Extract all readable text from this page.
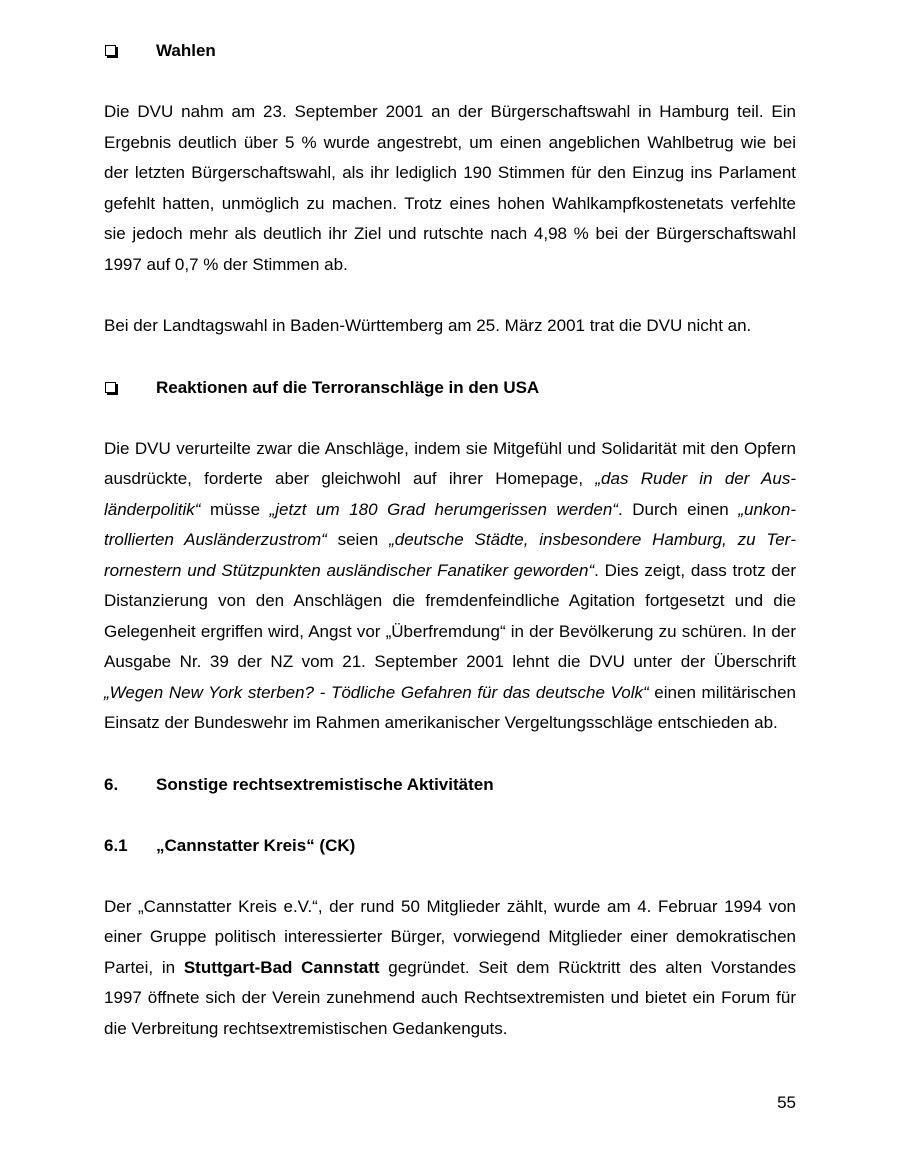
Wahlen

Die DVU nahm am 23. September 2001 an der Bürgerschaftswahl in Hamburg teil. Ein Ergebnis deutlich über 5 % wurde angestrebt, um einen angeblichen Wahlbetrug wie bei der letzten Bürgerschaftswahl, als ihr lediglich 190 Stimmen für den Einzug ins Parlament gefehlt hatten, unmöglich zu machen. Trotz eines hohen Wahlkampfkostenetats verfehlte sie jedoch mehr als deutlich ihr Ziel und rutschte nach 4,98 % bei der Bürgerschaftswahl 1997 auf 0,7 % der Stimmen ab.

Bei der Landtagswahl in Baden-Württemberg am 25. März 2001 trat die DVU nicht an.

Reaktionen auf die Terroranschläge in den USA

Die DVU verurteilte zwar die Anschläge, indem sie Mitgefühl und Solidarität mit den Opfern ausdrückte, forderte aber gleichwohl auf ihrer Homepage, „das Ruder in der Ausländerpolitik“ müsse „jetzt um 180 Grad herumgerissen werden“. Durch einen „unkontrollierten Ausländerzustrom“ seien „deutsche Städte, insbesondere Hamburg, zu Terrornestern und Stützpunkten ausländischer Fanatiker geworden“. Dies zeigt, dass trotz der Distanzierung von den Anschlägen die fremdenfeindliche Agitation fortgesetzt und die Gelegenheit ergriffen wird, Angst vor „Überfremdung“ in der Bevölkerung zu schüren. In der Ausgabe Nr. 39 der NZ vom 21. September 2001 lehnt die DVU unter der Überschrift „Wegen New York sterben? - Tödliche Gefahren für das deutsche Volk“ einen militärischen Einsatz der Bundeswehr im Rahmen amerikanischer Vergeltungsschläge entschieden ab.

6. Sonstige rechtsextremistische Aktivitäten
6.1 „Cannstatter Kreis“ (CK)

Der „Cannstatter Kreis e.V.“, der rund 50 Mitglieder zählt, wurde am 4. Februar 1994 von einer Gruppe politisch interessierter Bürger, vorwiegend Mitglieder einer demokratischen Partei, in Stuttgart-Bad Cannstatt gegründet. Seit dem Rücktritt des alten Vorstandes 1997 öffnete sich der Verein zunehmend auch Rechtsextremisten und bietet ein Forum für die Verbreitung rechtsextremistischen Gedankenguts.

55
